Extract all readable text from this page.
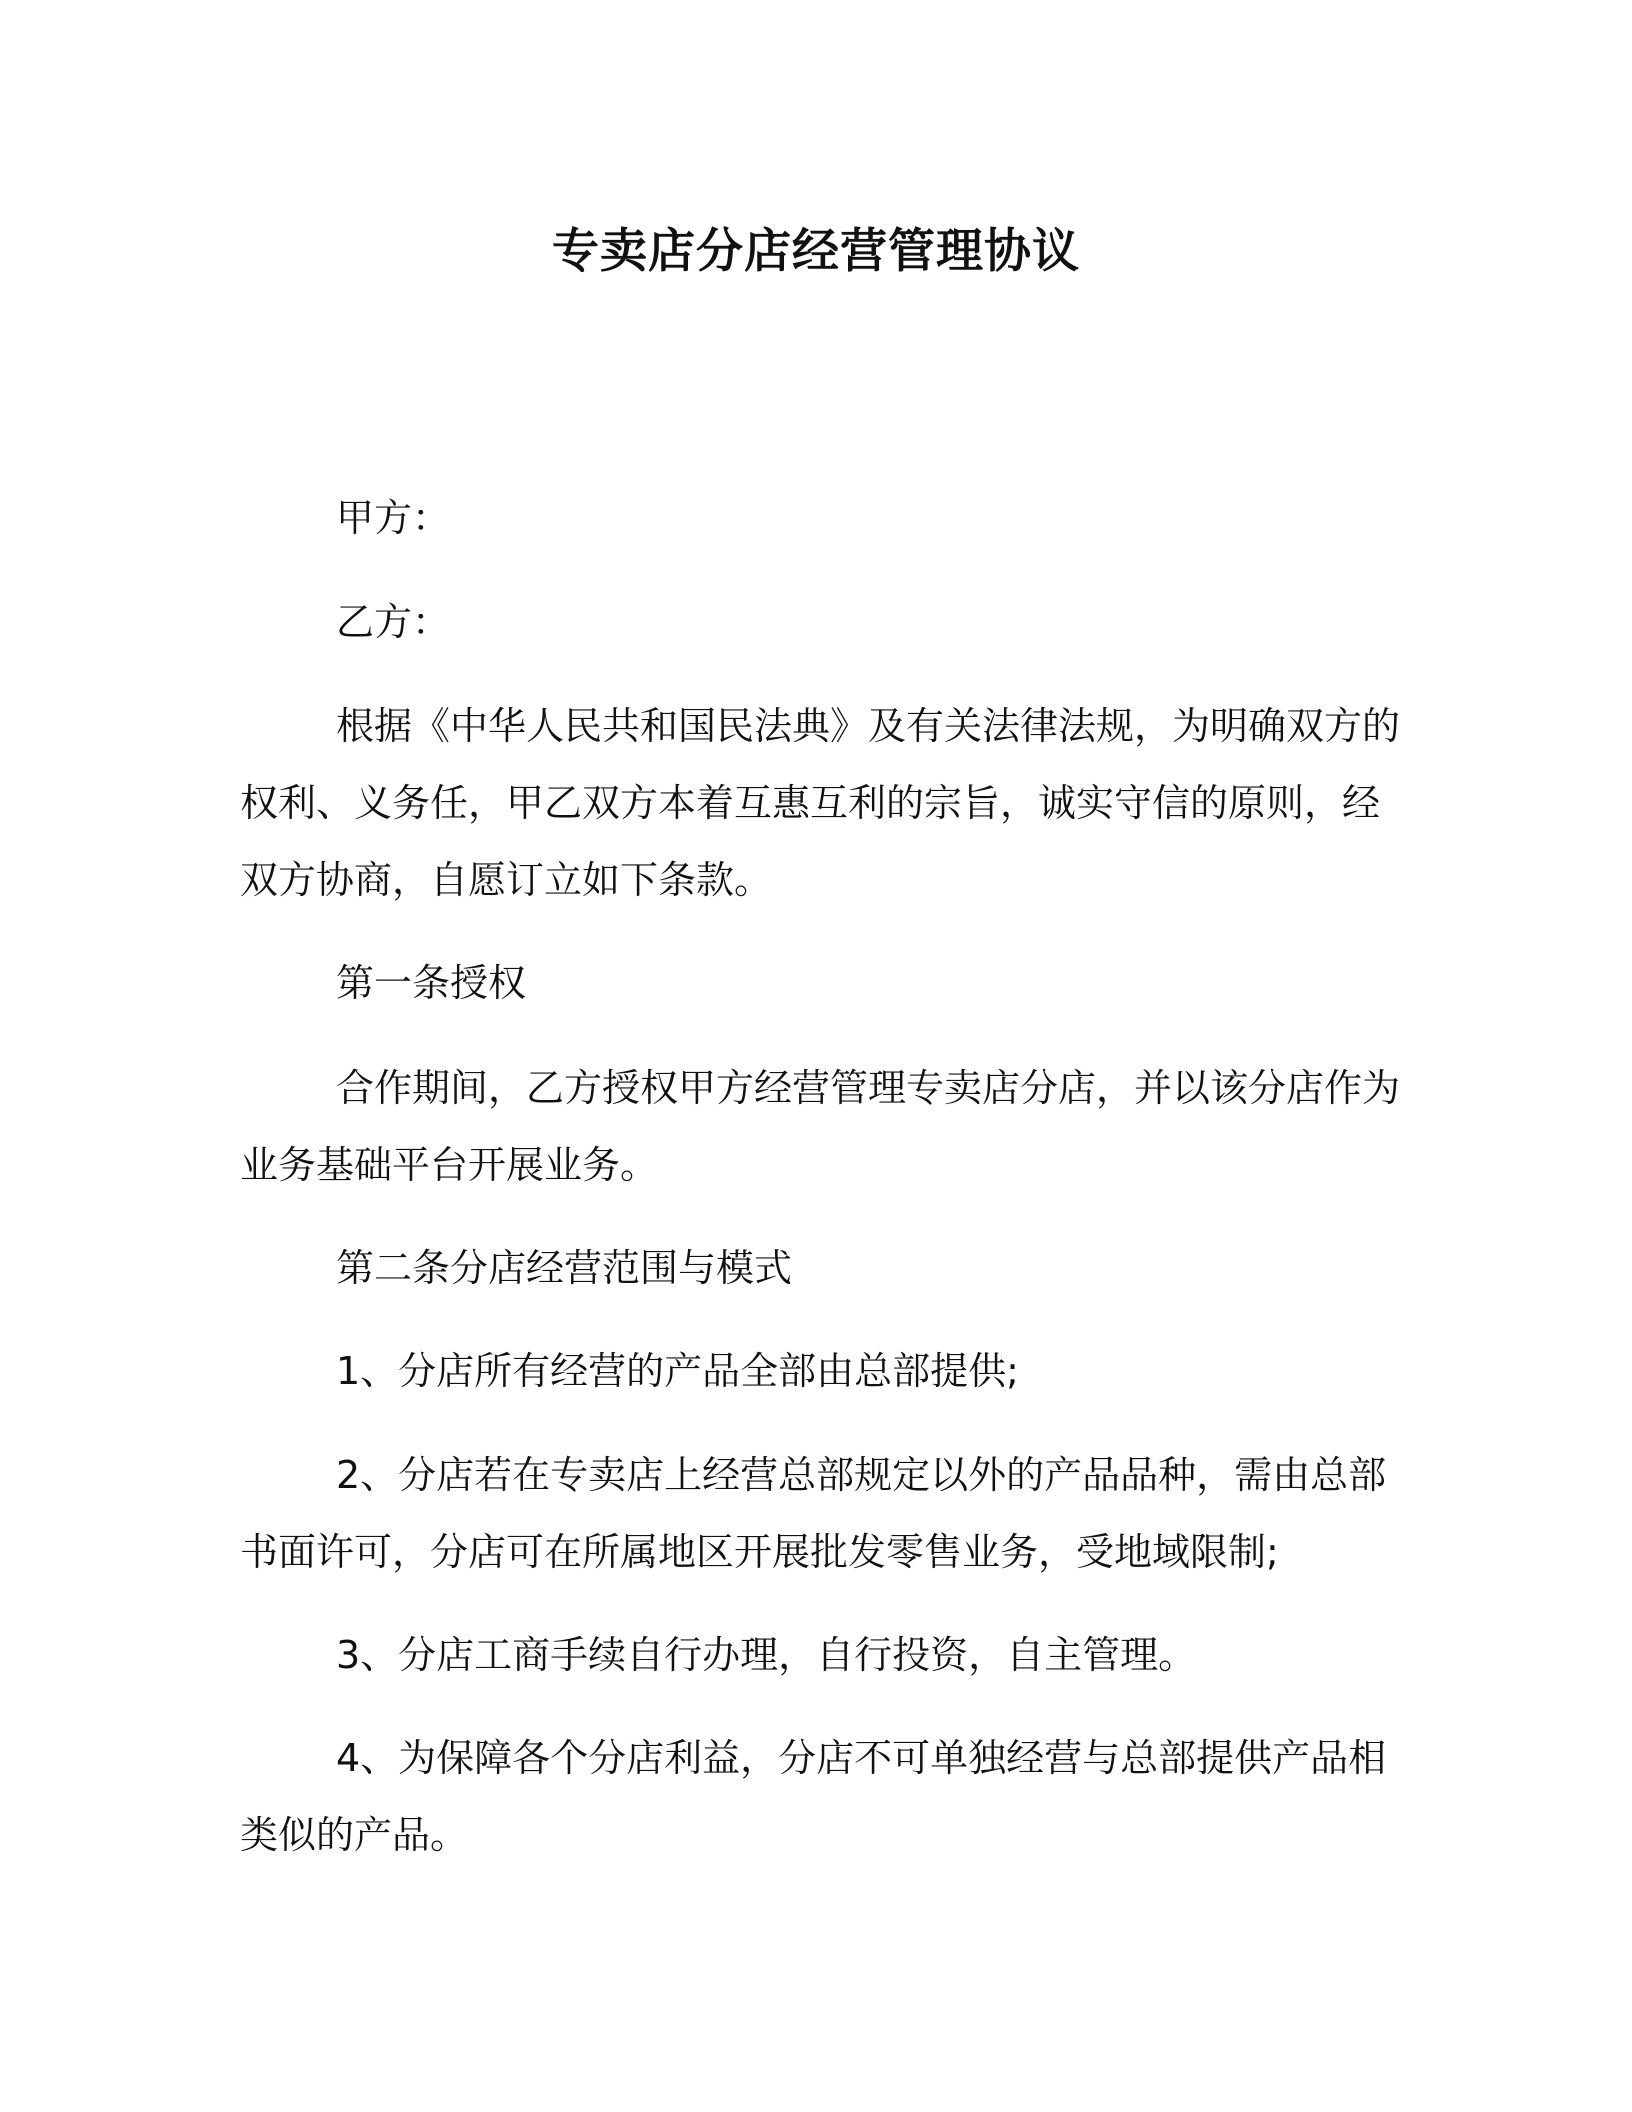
专卖店分店经营管理协议
甲方：
乙方：
根据《中华人民共和国民法典》及有关法律法规，为明确双方的
权利、义务任，甲乙双方本着互惠互利的宗旨，诚实守信的原则，经
双方协商，自愿订立如下条款。
第一条授权
合作期间，乙方授权甲方经营管理专卖店分店，并以该分店作为
业务基础平台开展业务。
第二条分店经营范围与模式
1、分店所有经营的产品全部由总部提供;
2、分店若在专卖店上经营总部规定以外的产品品种，需由总部
书面许可，分店可在所属地区开展批发零售业务，受地域限制;
3、分店工商手续自行办理，自行投资，自主管理。
4、为保障各个分店利益，分店不可单独经营与总部提供产品相
类似的产品。
